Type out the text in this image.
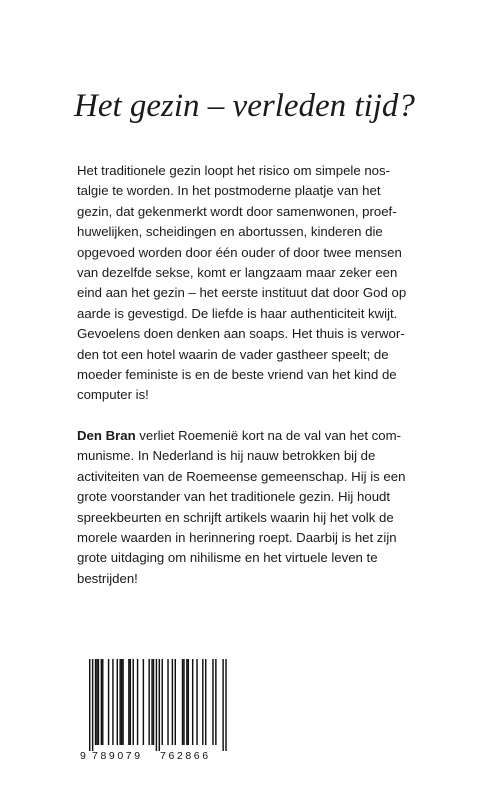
Het gezin – verleden tijd?
Het traditionele gezin loopt het risico om simpele nos-
talgie te worden. In het postmoderne plaatje van het
gezin, dat gekenmerkt wordt door samenwonen, proef-
huwelijken, scheidingen en abortussen, kinderen die
opgevoed worden door één ouder of door twee mensen
van dezelfde sekse, komt er langzaam maar zeker een
eind aan het gezin – het eerste instituut dat door God op
aarde is gevestigd. De liefde is haar authenticiteit kwijt.
Gevoelens doen denken aan soaps. Het thuis is verwor-
den tot een hotel waarin de vader gastheer speelt; de
moeder feministe is en de beste vriend van het kind de
computer is!
Den Bran verliet Roemenië kort na de val van het com-
munisme. In Nederland is hij nauw betrokken bij de
activiteiten van de Roemeense gemeenschap. Hij is een
grote voorstander van het traditionele gezin. Hij houdt
spreekbeurten en schrijft artikels waarin hij het volk de
morele waarden in herinnering roept. Daarbij is het zijn
grote uitdaging om nihilisme en het virtuele leven te
bestrijden!
9 789079 762866
